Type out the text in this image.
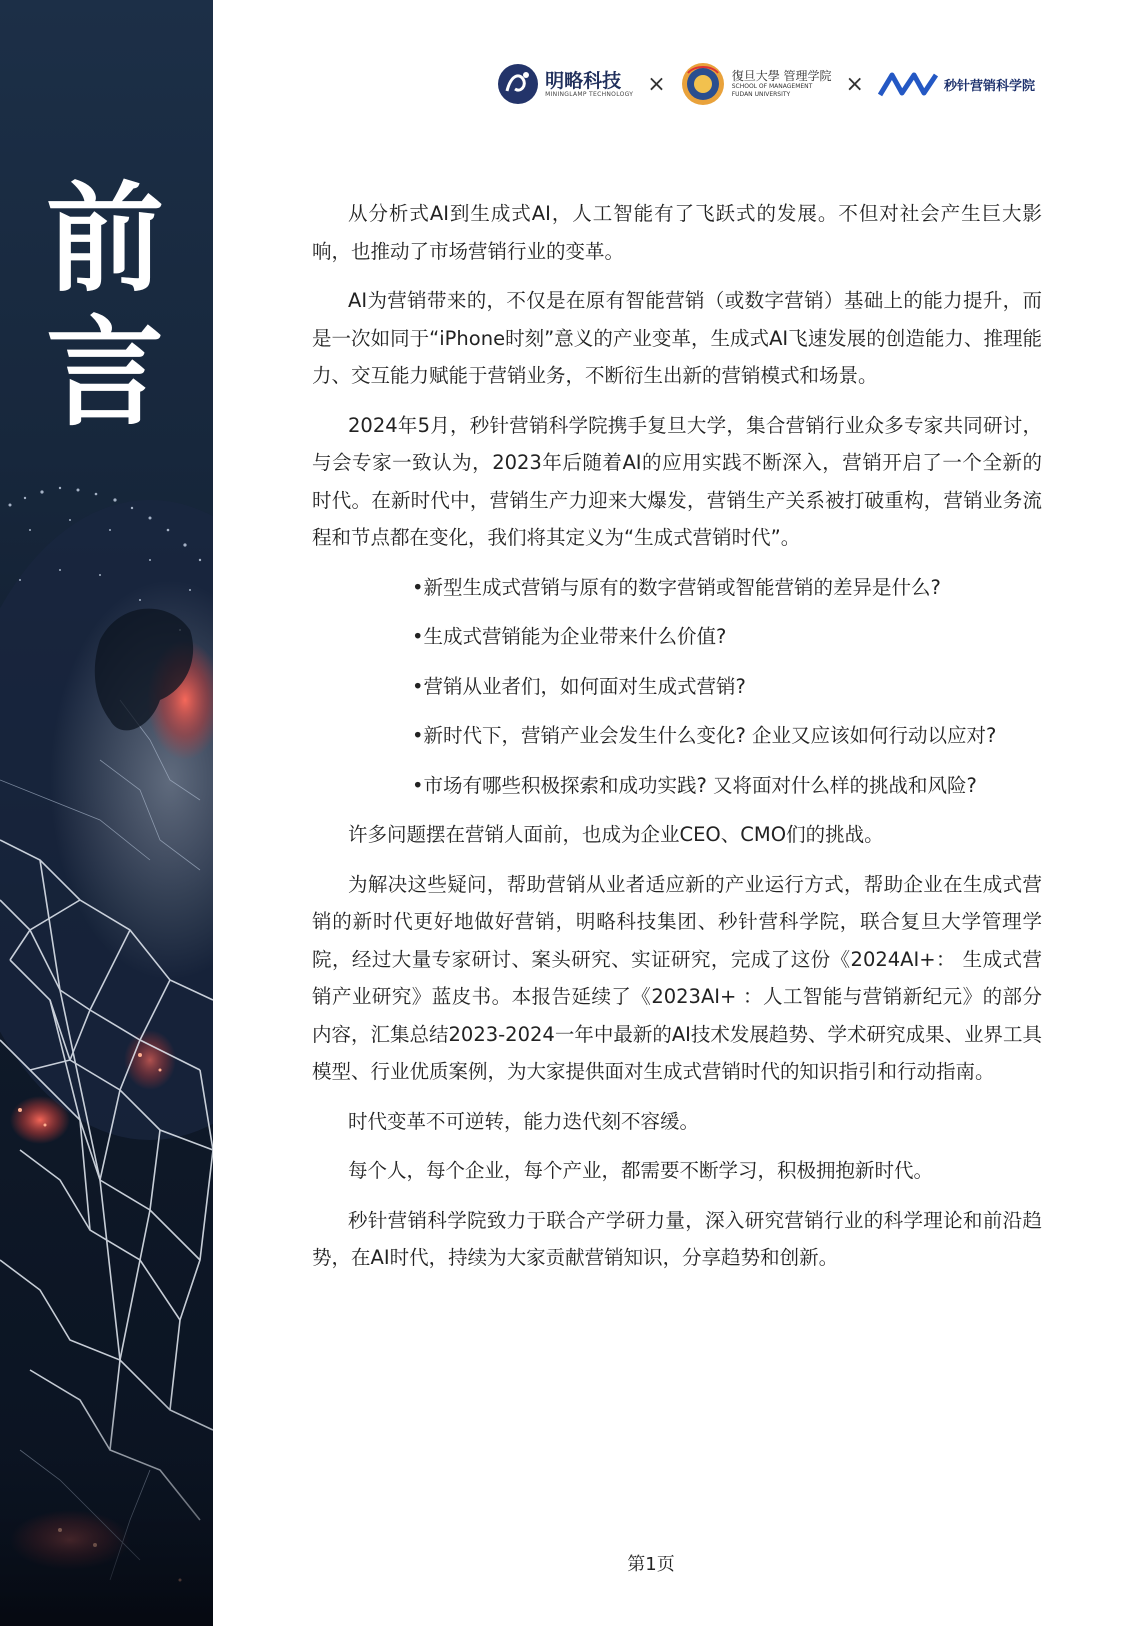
前
言
明略科技
MININGLAMP TECHNOLOGY ×	復旦大學 管理学院
SCHOOL OF MANAGEMENT
FUDAN UNIVERSITY	×	秒针营销科学院

从分析式AI到生成式AI，人工智能有了飞跃式的发展。不但对社会产生巨大影响，也推动了市场营销行业的变革。

AI为营销带来的，不仅是在原有智能营销（或数字营销）基础上的能力提升，而是一次如同于“iPhone时刻”意义的产业变革，生成式AI飞速发展的创造能力、推理能力、交互能力赋能于营销业务，不断衍生出新的营销模式和场景。

2024年5月，秒针营销科学院携手复旦大学，集合营销行业众多专家共同研讨，与会专家一致认为，2023年后随着AI的应用实践不断深入，营销开启了一个全新的时代。在新时代中，营销生产力迎来大爆发，营销生产关系被打破重构，营销业务流程和节点都在变化，我们将其定义为“生成式营销时代”。

•新型生成式营销与原有的数字营销或智能营销的差异是什么?

•生成式营销能为企业带来什么价值?

•营销从业者们，如何面对生成式营销?

•新时代下，营销产业会发生什么变化? 企业又应该如何行动以应对?

•市场有哪些积极探索和成功实践? 又将面对什么样的挑战和风险?

许多问题摆在营销人面前，也成为企业CEO、CMO们的挑战。

为解决这些疑问，帮助营销从业者适应新的产业运行方式，帮助企业在生成式营销的新时代更好地做好营销，明略科技集团、秒针营科学院，联合复旦大学管理学院，经过大量专家研讨、案头研究、实证研究，完成了这份《2024AI+： 生成式营销产业研究》蓝皮书。本报告延续了《2023AI+ ：人工智能与营销新纪元》的部分内容，汇集总结2023-2024一年中最新的AI技术发展趋势、学术研究成果、业界工具模型、行业优质案例，为大家提供面对生成式营销时代的知识指引和行动指南。

时代变革不可逆转，能力迭代刻不容缓。

每个人，每个企业，每个产业，都需要不断学习，积极拥抱新时代。

秒针营销科学院致力于联合产学研力量，深入研究营销行业的科学理论和前沿趋势，在AI时代，持续为大家贡献营销知识，分享趋势和创新。

第1页
